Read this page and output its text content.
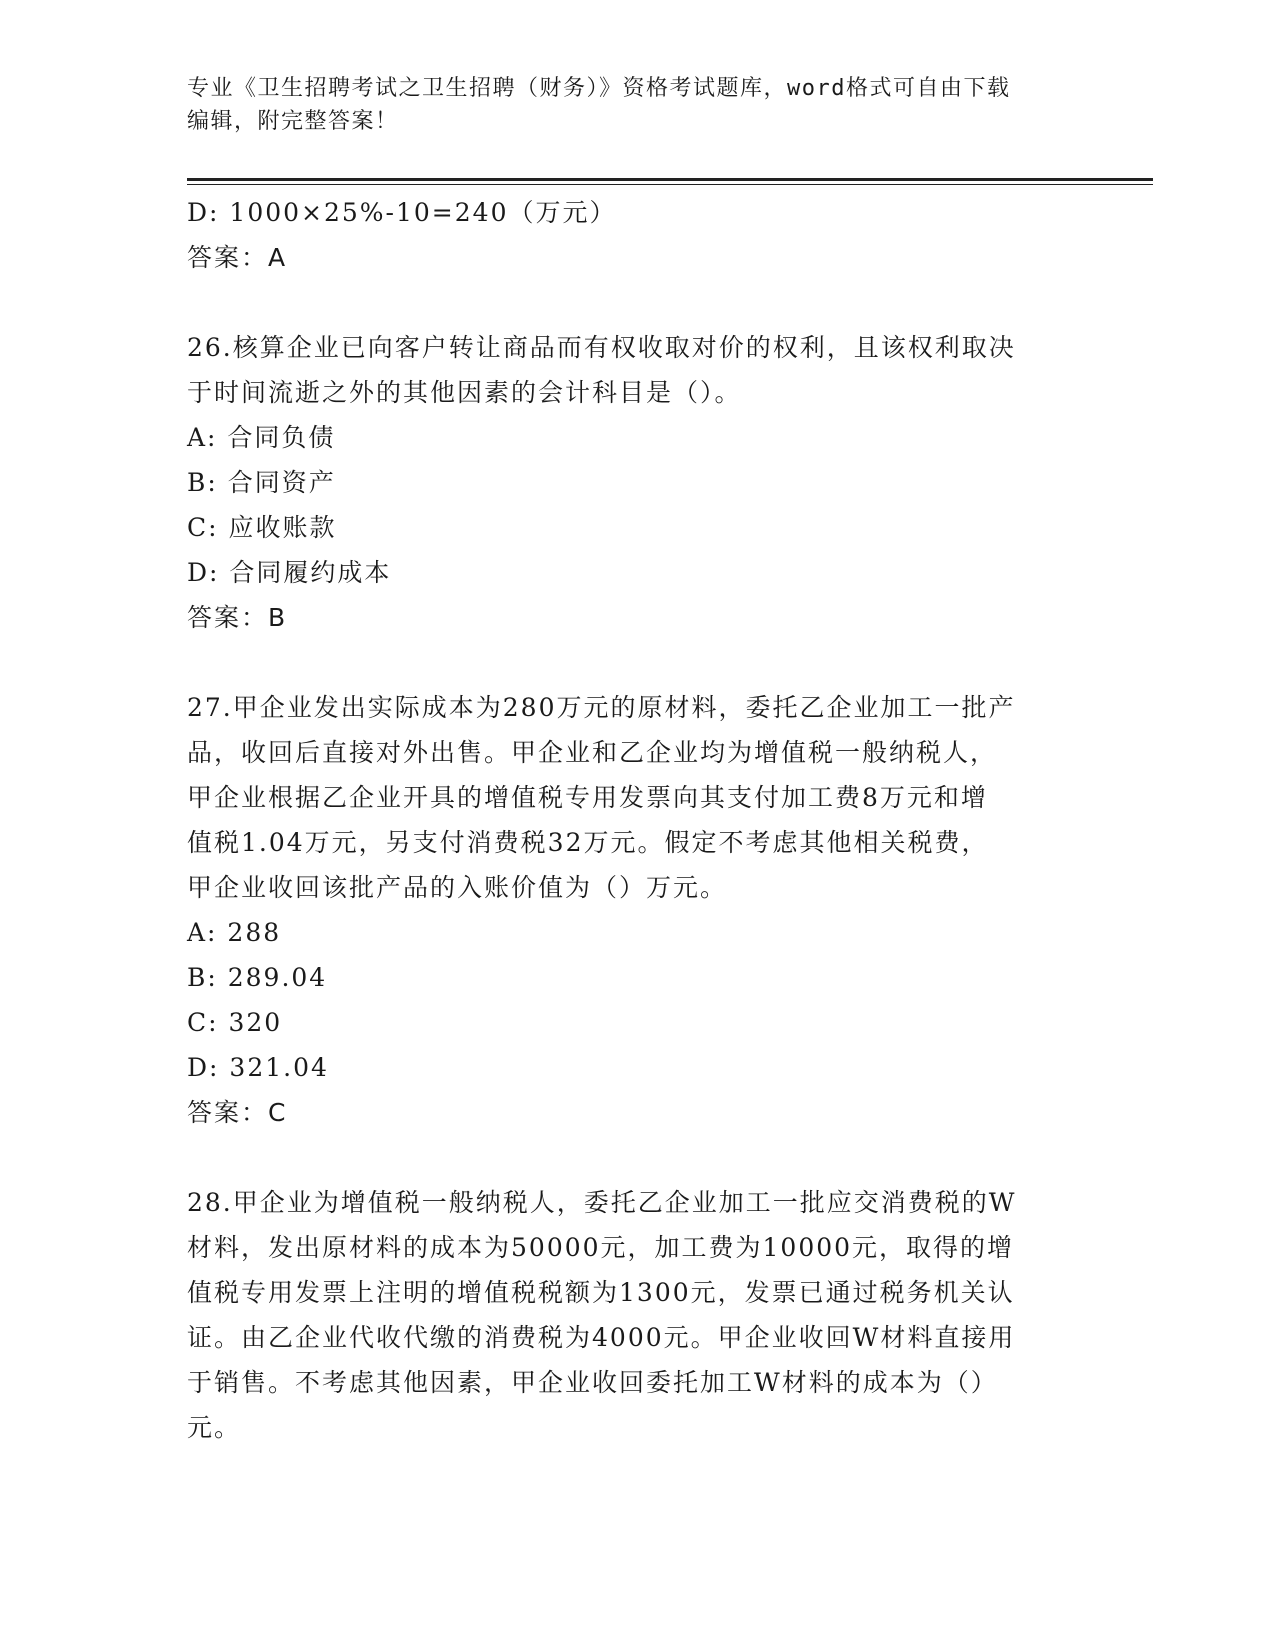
专业《卫生招聘考试之卫生招聘（财务）》资格考试题库，word格式可自由下载
编辑，附完整答案！
D: 1000×25%-10=240（万元）
答案：A
26.核算企业已向客户转让商品而有权收取对价的权利，且该权利取决
于时间流逝之外的其他因素的会计科目是（）。
A: 合同负债
B: 合同资产
C: 应收账款
D: 合同履约成本
答案：B
27.甲企业发出实际成本为280万元的原材料，委托乙企业加工一批产
品，收回后直接对外出售。甲企业和乙企业均为增值税一般纳税人，
甲企业根据乙企业开具的增值税专用发票向其支付加工费8万元和增
值税1.04万元，另支付消费税32万元。假定不考虑其他相关税费，
甲企业收回该批产品的入账价值为（）万元。
A: 288
B: 289.04
C: 320
D: 321.04
答案：C
28.甲企业为增值税一般纳税人，委托乙企业加工一批应交消费税的W
材料，发出原材料的成本为50000元，加工费为10000元，取得的增
值税专用发票上注明的增值税税额为1300元，发票已通过税务机关认
证。由乙企业代收代缴的消费税为4000元。甲企业收回W材料直接用
于销售。不考虑其他因素，甲企业收回委托加工W材料的成本为（）
元。
